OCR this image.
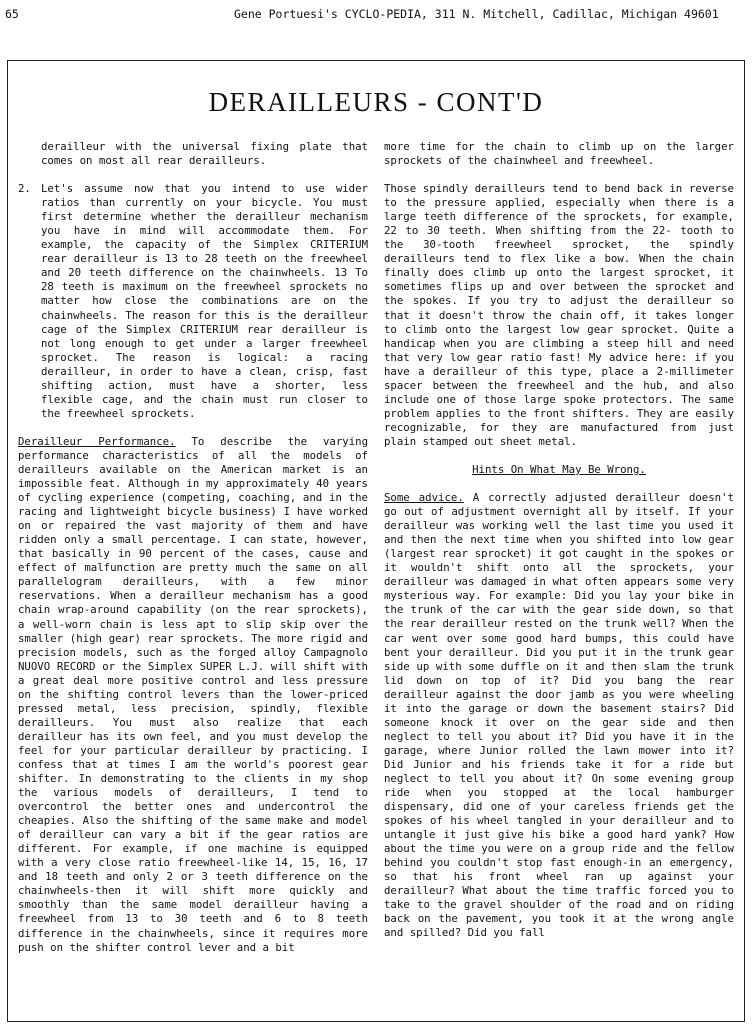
65	Gene Portuesi's CYCLO-PEDIA, 311 N. Mitchell, Cadillac, Michigan 49601
DERAILLEURS - CONT'D

derailleur with the universal fixing plate that comes on most all rear derailleurs.

2. Let's assume now that you intend to use wider ratios than currently on your bicycle. You must first determine whether the derailleur mechanism you have in mind will accommodate them. For example, the capacity of the Simplex CRITERIUM rear derailleur is 13 to 28 teeth on the freewheel and 20 teeth difference on the chainwheels. 13 To 28 teeth is maximum on the freewheel sprockets no matter how close the combinations are on the chainwheels. The reason for this is the derailleur cage of the Simplex CRITERIUM rear derailleur is not long enough to get under a larger freewheel sprocket. The reason is logical: a racing derailleur, in order to have a clean, crisp, fast shifting action, must have a shorter, less flexible cage, and the chain must run closer to the freewheel sprockets.

Derailleur Performance. To describe the varying performance characteristics of all the models of derailleurs available on the American market is an impossible feat. Although in my approximately 40 years of cycling experience (competing, coaching, and in the racing and lightweight bicycle business) I have worked on or repaired the vast majority of them and have ridden only a small percentage. I can state, however, that basically in 90 percent of the cases, cause and effect of malfunction are pretty much the same on all parallelogram derailleurs, with a few minor reservations. When a derailleur mechanism has a good chain wrap-around capability (on the rear sprockets), a well-worn chain is less apt to slip skip over the smaller (high gear) rear sprockets. The more rigid and precision models, such as the forged alloy Campagnolo NUOVO RECORD or the Simplex SUPER L.J. will shift with a great deal more positive control and less pressure on the shifting control levers than the lower-priced pressed metal, less precision, spindly, flexible derailleurs. You must also realize that each derailleur has its own feel, and you must develop the feel for your particular derailleur by practicing. I confess that at times I am the world's poorest gear shifter. In demonstrating to the clients in my shop the various models of derailleurs, I tend to overcontrol the better ones and undercontrol the cheapies. Also the shifting of the same make and model of derailleur can vary a bit if the gear ratios are different. For example, if one machine is equipped with a very close ratio freewheel-like 14, 15, 16, 17 and 18 teeth and only 2 or 3 teeth difference on the chainwheels-then it will shift more quickly and smoothly than the same model derailleur having a freewheel from 13 to 30 teeth and 6 to 8 teeth difference in the chainwheels, since it requires more push on the shifter control lever and a bit

more time for the chain to climb up on the larger sprockets of the chainwheel and freewheel.

Those spindly derailleurs tend to bend back in reverse to the pressure applied, especially when there is a large teeth difference of the sprockets, for example, 22 to 30 teeth. When shifting from the 22- tooth to the 30-tooth freewheel sprocket, the spindly derailleurs tend to flex like a bow. When the chain finally does climb up onto the largest sprocket, it sometimes flips up and over between the sprocket and the spokes. If you try to adjust the derailleur so that it doesn't throw the chain off, it takes longer to climb onto the largest low gear sprocket. Quite a handicap when you are climbing a steep hill and need that very low gear ratio fast! My advice here: if you have a derailleur of this type, place a 2-millimeter spacer between the freewheel and the hub, and also include one of those large spoke protectors. The same problem applies to the front shifters. They are easily recognizable, for they are manufactured from just plain stamped out sheet metal.

Hints On What May Be Wrong.

Some advice. A correctly adjusted derailleur doesn't go out of adjustment overnight all by itself. If your derailleur was working well the last time you used it and then the next time when you shifted into low gear (largest rear sprocket) it got caught in the spokes or it wouldn't shift onto all the sprockets, your derailleur was damaged in what often appears some very mysterious way. For example: Did you lay your bike in the trunk of the car with the gear side down, so that the rear derailleur rested on the trunk well? When the car went over some good hard bumps, this could have bent your derailleur. Did you put it in the trunk gear side up with some duffle on it and then slam the trunk lid down on top of it? Did you bang the rear derailleur against the door jamb as you were wheeling it into the garage or down the basement stairs? Did someone knock it over on the gear side and then neglect to tell you about it? Did you have it in the garage, where Junior rolled the lawn mower into it? Did Junior and his friends take it for a ride but neglect to tell you about it? On some evening group ride when you stopped at the local hamburger dispensary, did one of your careless friends get the spokes of his wheel tangled in your derailleur and to untangle it just give his bike a good hard yank? How about the time you were on a group ride and the fellow behind you couldn't stop fast enough-in an emergency, so that his front wheel ran up against your derailleur? What about the time traffic forced you to take to the gravel shoulder of the road and on riding back on the pavement, you took it at the wrong angle and spilled? Did you fall
